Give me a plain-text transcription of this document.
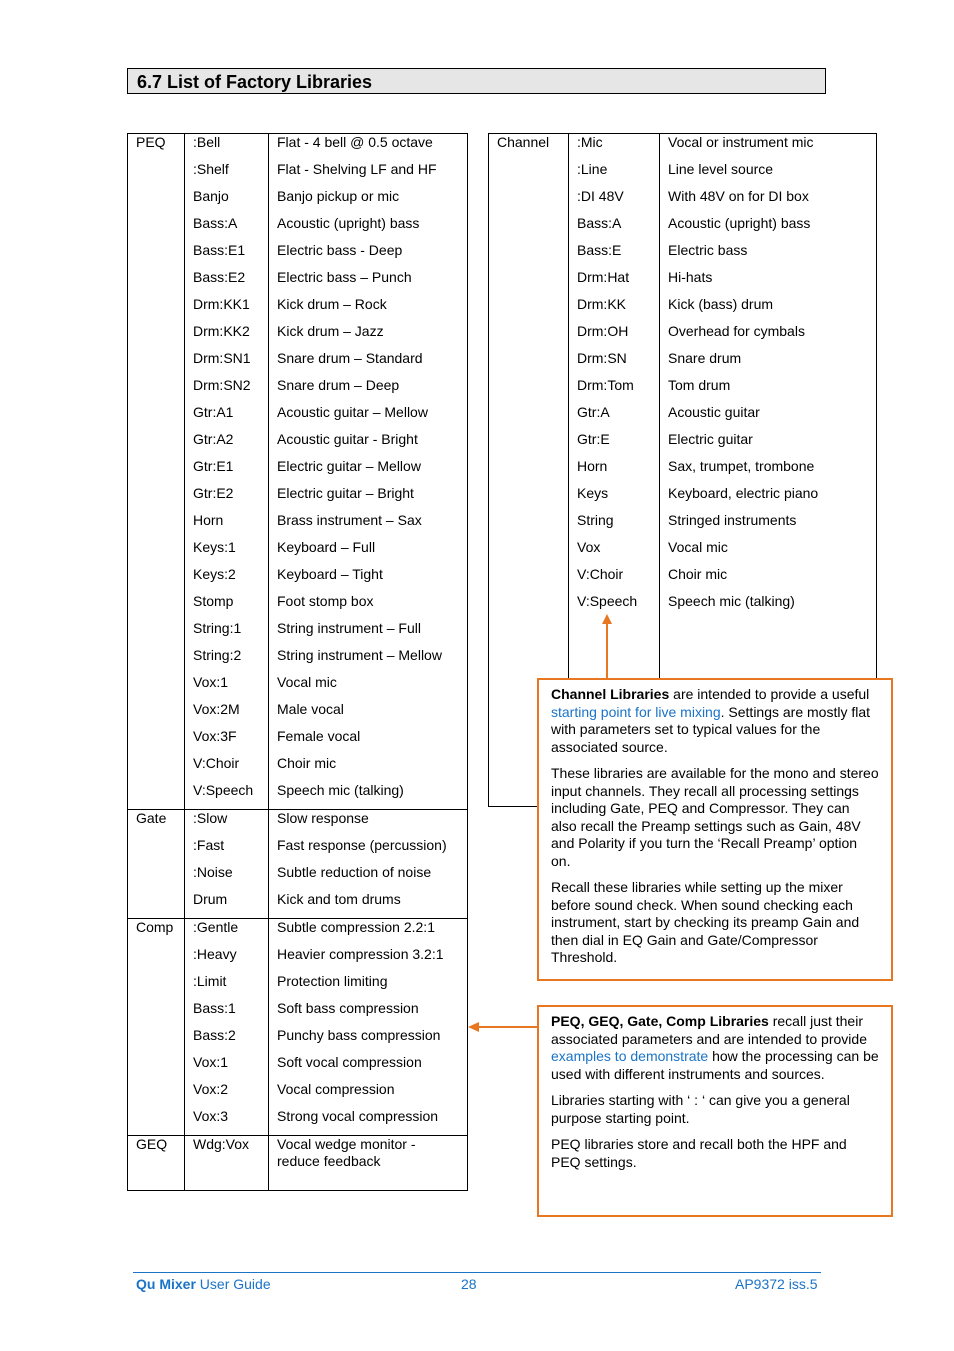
6.7 List of Factory Libraries
PEQ	:Bell	Flat - 4 bell @ 0.5 octave
	:Shelf	Flat - Shelving LF and HF
	Banjo	Banjo pickup or mic
	Bass:A	Acoustic (upright) bass
	Bass:E1	Electric bass - Deep
	Bass:E2	Electric bass – Punch
	Drm:KK1	Kick drum – Rock
	Drm:KK2	Kick drum – Jazz
	Drm:SN1	Snare drum – Standard
	Drm:SN2	Snare drum – Deep
	Gtr:A1	Acoustic guitar – Mellow
	Gtr:A2	Acoustic guitar - Bright
	Gtr:E1	Electric guitar – Mellow
	Gtr:E2	Electric guitar – Bright
	Horn	Brass instrument – Sax
	Keys:1	Keyboard – Full
	Keys:2	Keyboard – Tight
	Stomp	Foot stomp box
	String:1	String instrument – Full
	String:2	String instrument – Mellow
	Vox:1	Vocal mic
	Vox:2M	Male vocal
	Vox:3F	Female vocal
	V:Choir	Choir mic
	V:Speech	Speech mic (talking)
Gate	:Slow	Slow response
	:Fast	Fast response (percussion)
	:Noise	Subtle reduction of noise
	Drum	Kick and tom drums
Comp	:Gentle	Subtle compression 2.2:1
	:Heavy	Heavier compression 3.2:1
	:Limit	Protection limiting
	Bass:1	Soft bass compression
	Bass:2	Punchy bass compression
	Vox:1	Soft vocal compression
	Vox:2	Vocal compression
	Vox:3	Strong vocal compression
GEQ	Wdg:Vox	Vocal wedge monitor - reduce feedback
Channel	:Mic	Vocal or instrument mic
	:Line	Line level source
	:DI 48V	With 48V on for DI box
	Bass:A	Acoustic (upright) bass
	Bass:E	Electric bass
	Drm:Hat	Hi-hats
	Drm:KK	Kick (bass) drum
	Drm:OH	Overhead for cymbals
	Drm:SN	Snare drum
	Drm:Tom	Tom drum
	Gtr:A	Acoustic guitar
	Gtr:E	Electric guitar
	Horn	Sax, trumpet, trombone
	Keys	Keyboard, electric piano
	String	Stringed instruments
	Vox	Vocal mic
	V:Choir	Choir mic
	V:Speech	Speech mic (talking)

Channel Libraries are intended to provide a useful starting point for live mixing. Settings are mostly flat with parameters set to typical values for the associated source.

These libraries are available for the mono and stereo input channels. They recall all processing settings including Gate, PEQ and Compressor. They can also recall the Preamp settings such as Gain, 48V and Polarity if you turn the ‘Recall Preamp’ option on.

Recall these libraries while setting up the mixer before sound check. When sound checking each instrument, start by checking its preamp Gain and then dial in EQ Gain and Gate/Compressor Threshold.

PEQ, GEQ, Gate, Comp Libraries recall just their associated parameters and are intended to provide examples to demonstrate how the processing can be used with different instruments and sources.

Libraries starting with ‘ : ‘ can give you a general purpose starting point.

PEQ libraries store and recall both the HPF and PEQ settings.

Qu Mixer User Guide	28	AP9372 iss.5
